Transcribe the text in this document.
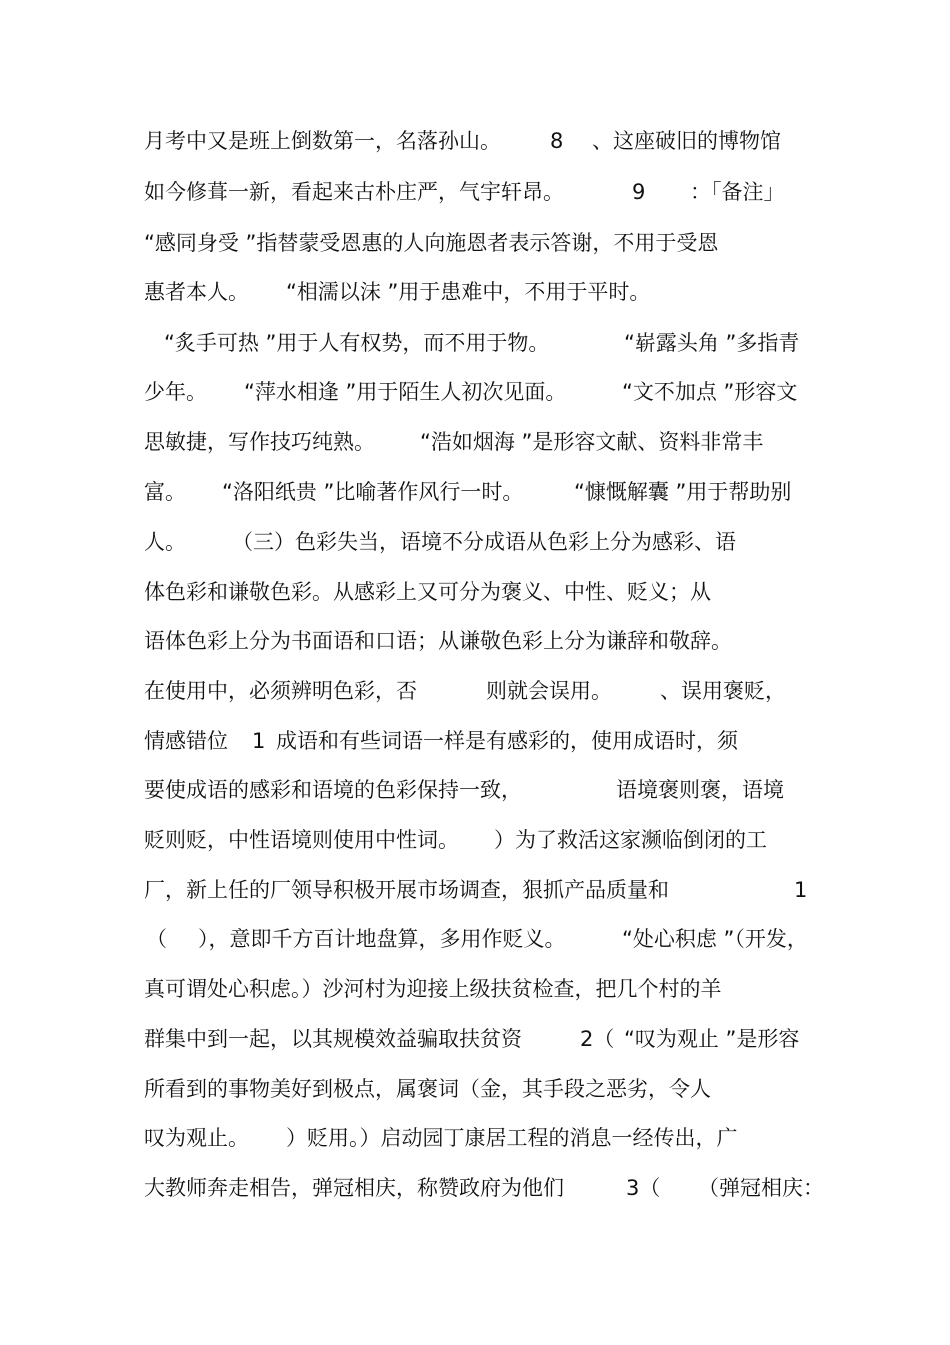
月考中又是班上倒数第一，名落孙山。 8 、这座破旧的博物馆
如今修葺一新，看起来古朴庄严，气宇轩昂。	9 ：「备注」
“感同身受 ”指替蒙受恩惠的人向施恩者表示答谢，不用于受恩
惠者本人。 “相濡以沫 ”用于患难中，不用于平时。
“炙手可热 ”用于人有权势，而不用于物。	“崭露头角 ”多指青
少年。 “萍水相逢 ”用于陌生人初次见面。	“文不加点 ”形容文
思敏捷，写作技巧纯熟。 “浩如烟海 ”是形容文献、资料非常丰
富。 “洛阳纸贵 ”比喻著作风行一时。 “慷慨解囊 ”用于帮助别
人。 （三）色彩失当，语境不分成语从色彩上分为感彩、语
体色彩和谦敬色彩。从感彩上又可分为褒义、中性、贬义；从
语体色彩上分为书面语和口语；从谦敬色彩上分为谦辞和敬辞。
在使用中，必须辨明色彩，否	则就会误用。 、误用褒贬，
情感错位 1 成语和有些词语一样是有感彩的，使用成语时，须
要使成语的感彩和语境的色彩保持一致，	语境褒则褒，语境
贬则贬，中性语境则使用中性词。 ）为了救活这家濒临倒闭的工
厂，新上任的厂领导积极开展市场调查，狠抓产品质量和	1
（ ），意即千方百计地盘算，多用作贬义。	“处心积虑 ”（开发，
真可谓处心积虑。）沙河村为迎接上级扶贫检查，把几个村的羊
群集中到一起，以其规模效益骗取扶贫资	2（ “叹为观止 ”是形容
所看到的事物美好到极点，属褒词（金，其手段之恶劣，令人
叹为观止。 ）贬用。）启动园丁康居工程的消息一经传出，广
大教师奔走相告，弹冠相庆，称赞政府为他们	3（ （弹冠相庆：
